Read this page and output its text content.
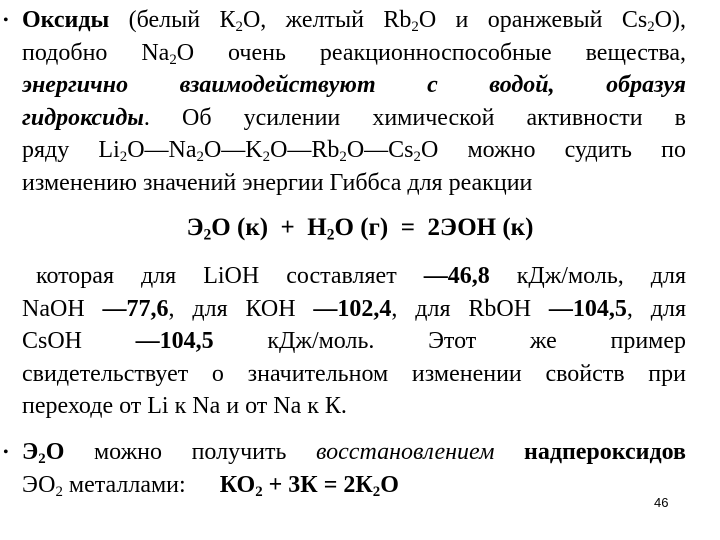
• Оксиды (белый $К_2О$, желтый $Rb_2О$ и оранжевый $Cs_2О$),
подобно $Na_2О$ очень реакционноспособные вещества,
энергично взаимодействуют с водой, образуя
гидроксиды. Об усилении химической активности в
ряду $Li_2O—Na_2O—K_2O—Rb_2O—Cs_2O$ можно судить по
изменению значений энергии Гиббса для реакции
$Э_2О$ $(к) + Н_2О$ (г)  =  2ЭОН (к)
которая для LiOH составляет —46,8 кДж/моль, для
NaOH —77,6, для КОН —102,4, для RbOH —104,5, для
CsOH —104,5 кДж/моль. Этот же пример
свидетельствует о значительном изменении свойств при
переходе от Li к Na и от Na к К.
• $Э_2О$ можно получить восстановлением надпероксидов
$ЭО_2$ металлами: $КО_2 + 3К = 2К_2О$
46
